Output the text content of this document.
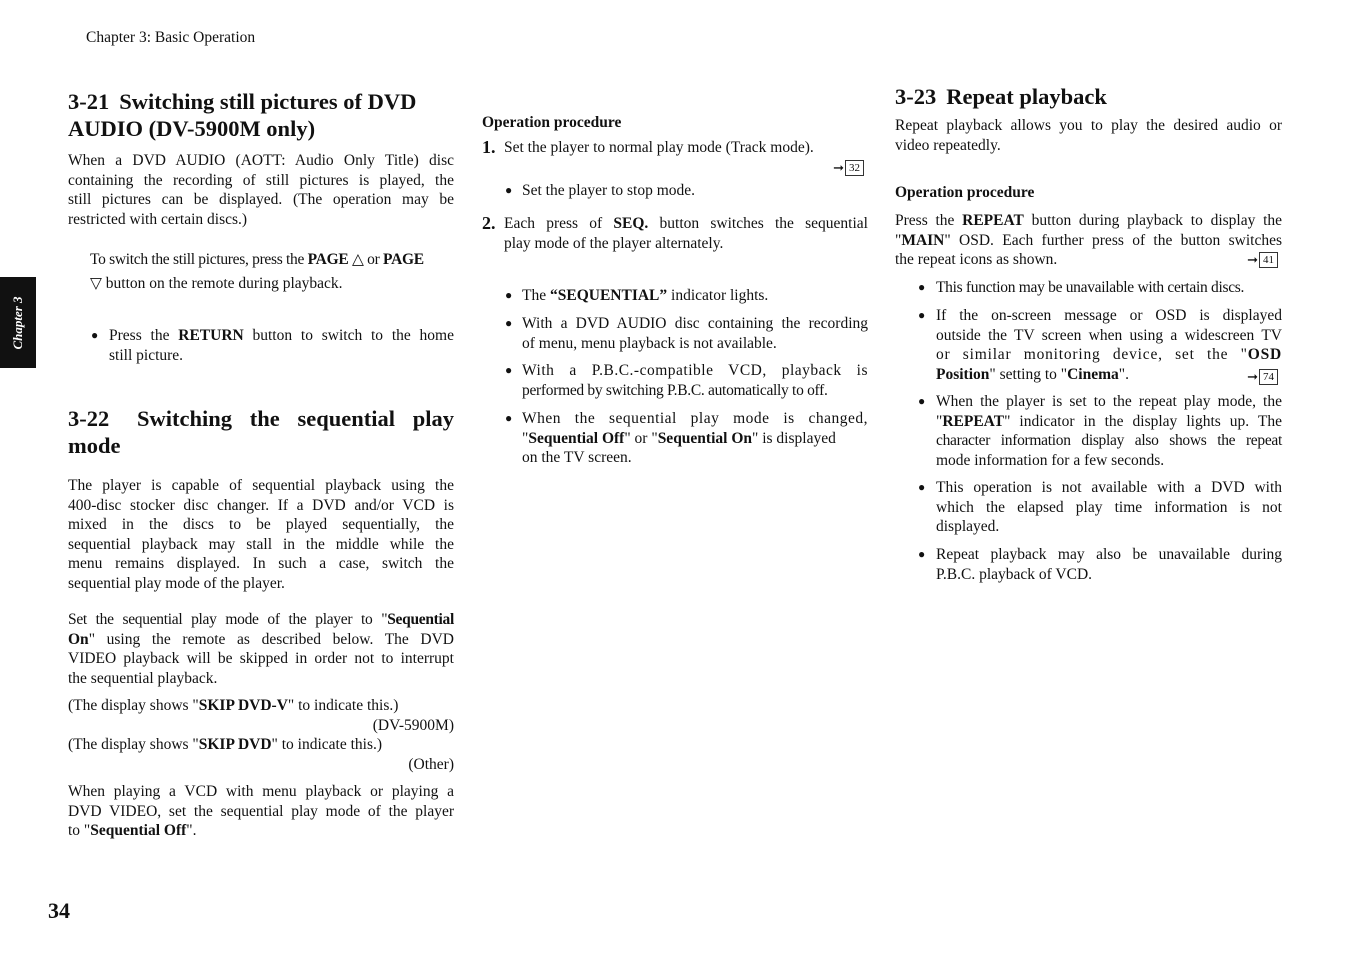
Chapter 3: Basic Operation
Chapter 3
34
3-21 Switching still pictures of DVD
AUDIO (DV-5900M only)

When a DVD AUDIO (AOTT: Audio Only Title) disc

containing the recording of still pictures is played, the

still pictures can be displayed. (The operation may be

restricted with certain discs.)

To switch the still pictures, press the PAGE △ or PAGE

▽ button on the remote during playback.

● Press the RETURN button to switch to the home

still picture.

3-22 Switching the sequential play
mode

The player is capable of sequential playback using the

400-disc stocker disc changer. If a DVD and/or VCD is

mixed in the discs to be played sequentially, the

sequential playback may stall in the middle while the

menu remains displayed. In such a case, switch the

sequential play mode of the player.

Set the sequential play mode of the player to "Sequential

On" using the remote as described below. The DVD

VIDEO playback will be skipped in order not to interrupt

the sequential playback.

(The display shows "SKIP DVD-V" to indicate this.)

(DV-5900M)

(The display shows "SKIP DVD" to indicate this.)

(Other)

When playing a VCD with menu playback or playing a

DVD VIDEO, set the sequential play mode of the player

to "Sequential Off".

Operation procedure
1. Set the player to normal play mode (Track mode).

➞ 32
● Set the player to stop mode.

2. Each press of SEQ. button switches the sequential

play mode of the player alternately.

● The “SEQUENTIAL” indicator lights.

● With a DVD AUDIO disc containing the recording

of menu, menu playback is not available.

● With a P.B.C.-compatible VCD, playback is

performed by switching P.B.C. automatically to off.

● When the sequential play mode is changed,

"Sequential Off" or "Sequential On" is displayed

on the TV screen.

3-23 Repeat playback

Repeat playback allows you to play the desired audio or

video repeatedly.

Operation procedure

Press the REPEAT button during playback to display the

"MAIN" OSD. Each further press of the button switches

the repeat icons as shown.	➞ 41
● This function may be unavailable with certain discs.

● If the on-screen message or OSD is displayed

outside the TV screen when using a widescreen TV

or similar monitoring device, set the "OSD

Position" setting to "Cinema".	➞ 74
● When the player is set to the repeat play mode, the

"REPEAT" indicator in the display lights up. The

character information display also shows the repeat

mode information for a few seconds.

● This operation is not available with a DVD with

which the elapsed play time information is not

displayed.

● Repeat playback may also be unavailable during

P.B.C. playback of VCD.
